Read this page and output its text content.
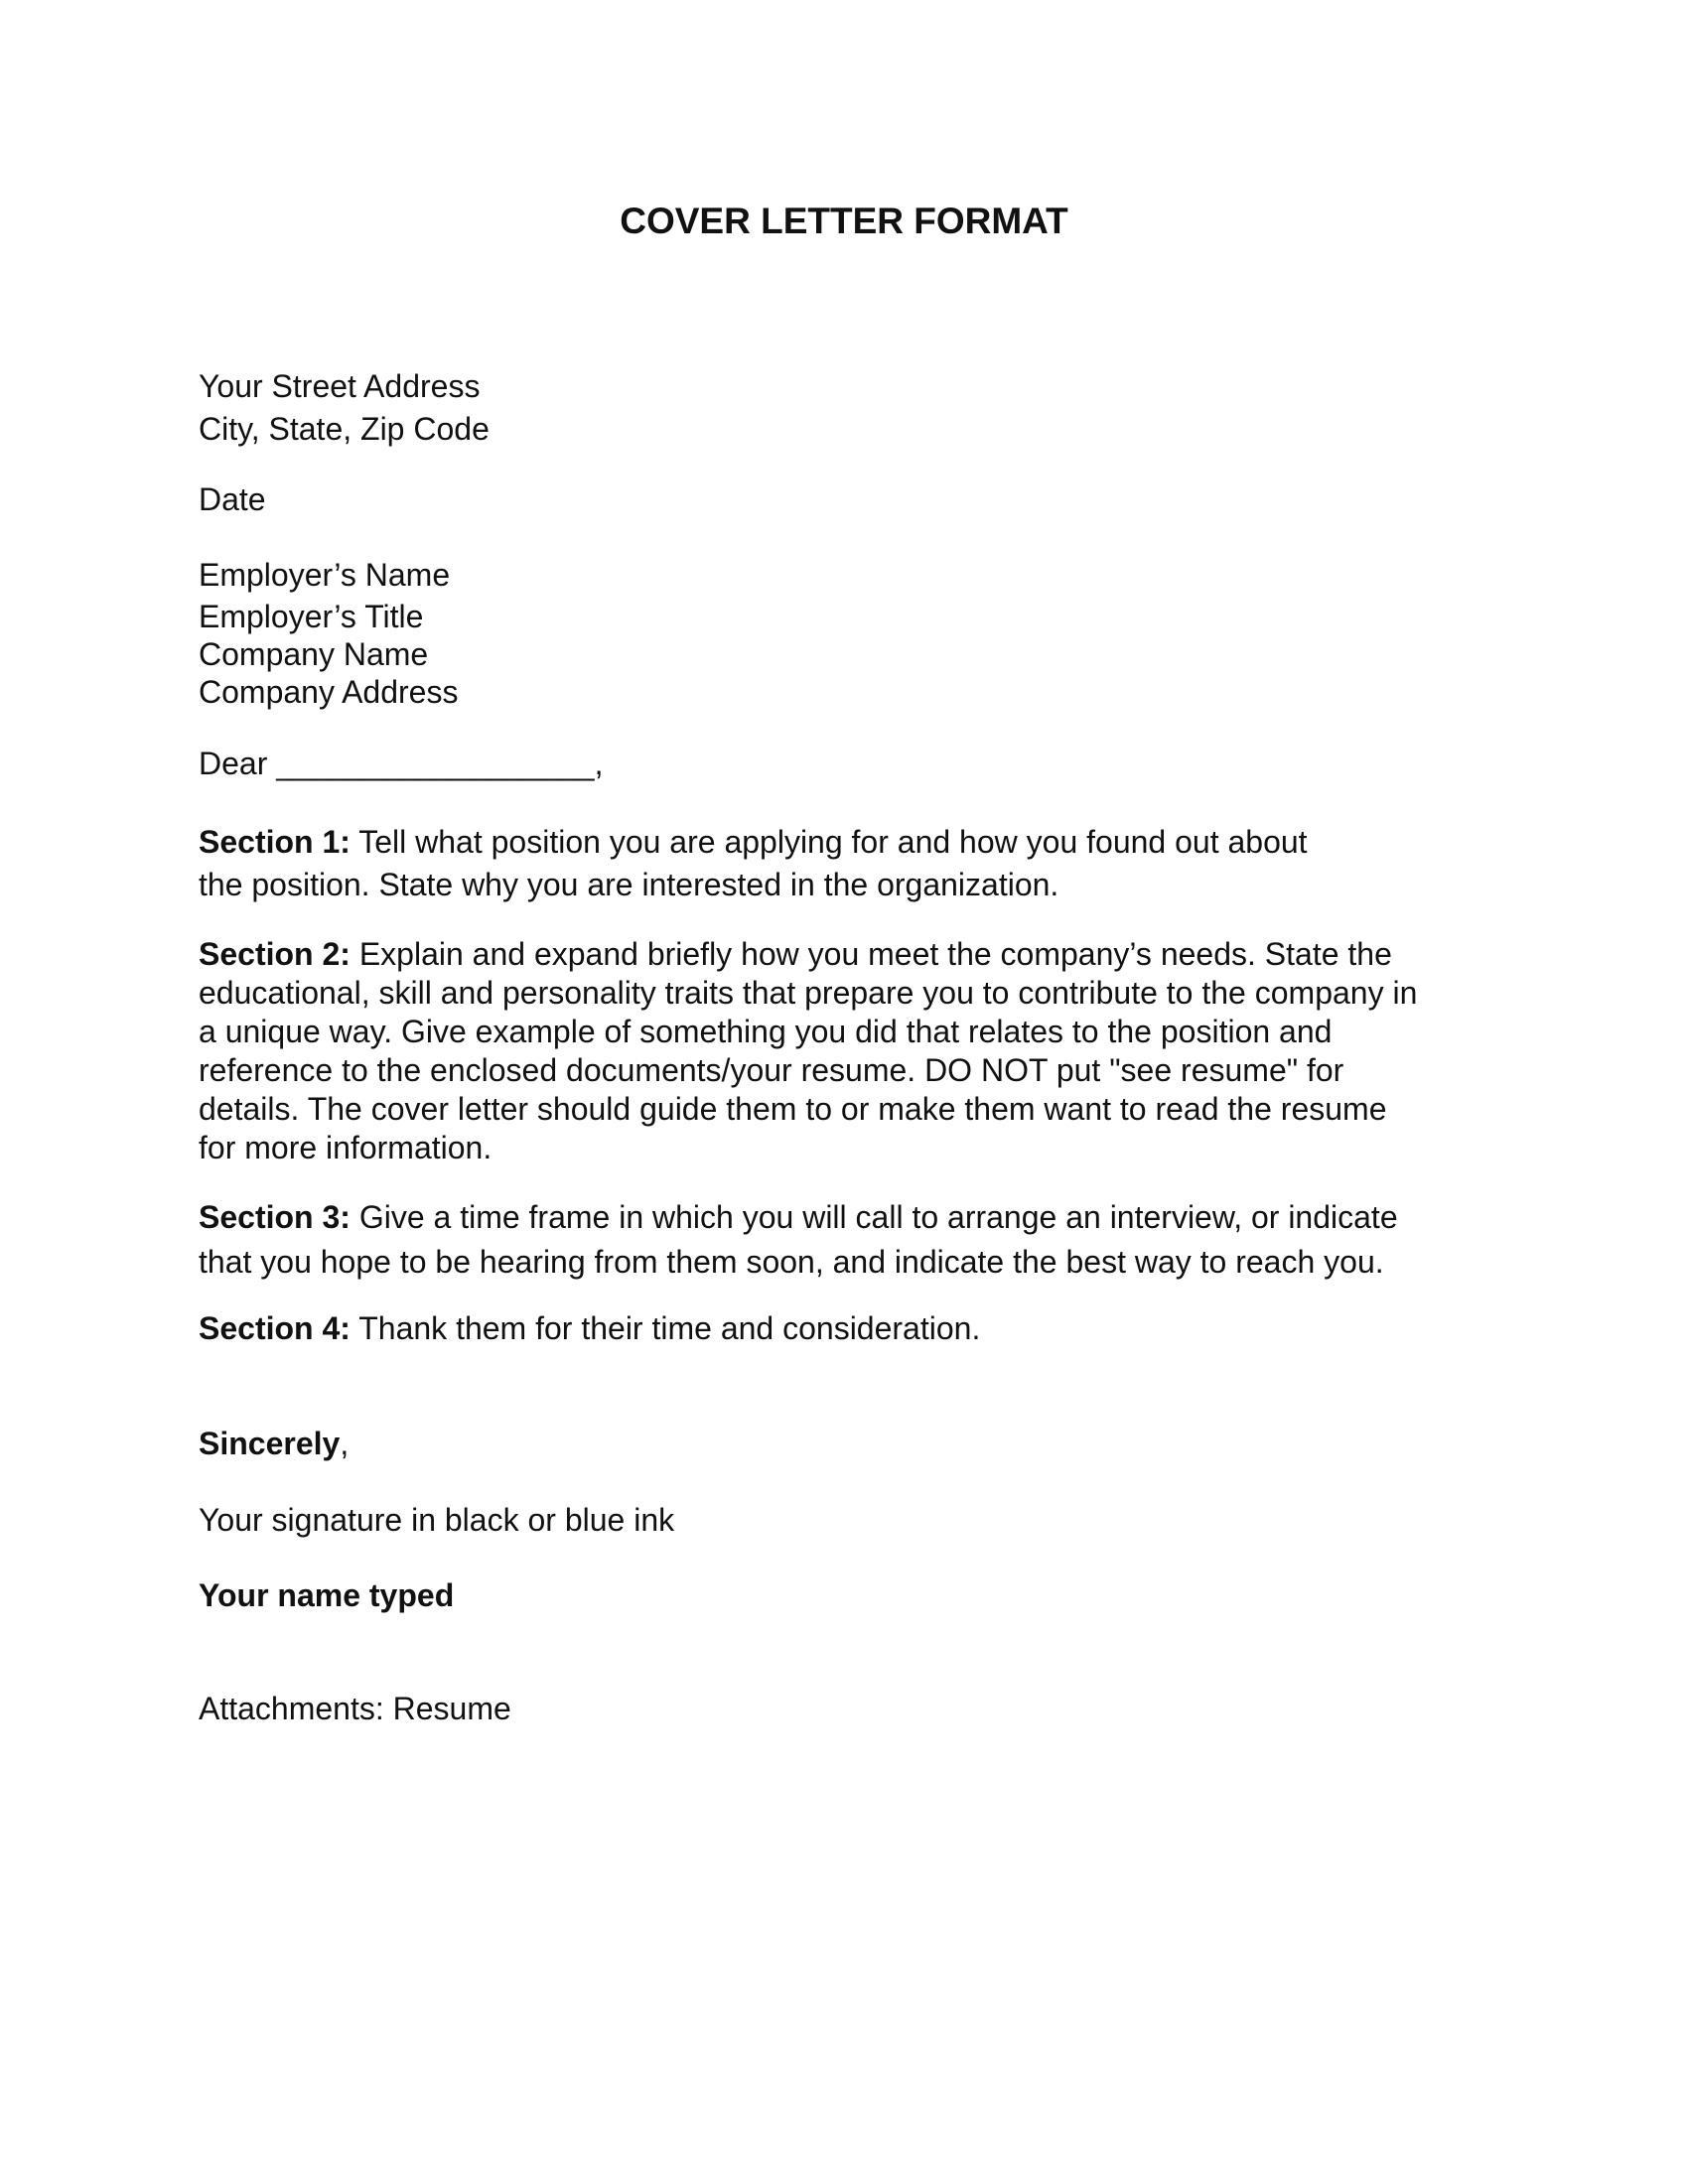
COVER LETTER FORMAT

Your Street Address

City, State, Zip Code

Date

Employer’s Name

Employer’s Title

Company Name

Company Address

Dear __________________,

Section 1: Tell what position you are applying for and how you found out about
the position. State why you are interested in the organization.
Section 2: Explain and expand briefly how you meet the company’s needs. State the
educational, skill and personality traits that prepare you to contribute to the company in
a unique way. Give example of something you did that relates to the position and
reference to the enclosed documents/your resume. DO NOT put "see resume" for
details. The cover letter should guide them to or make them want to read the resume
for more information.
Section 3: Give a time frame in which you will call to arrange an interview, or indicate
that you hope to be hearing from them soon, and indicate the best way to reach you.
Section 4: Thank them for their time and consideration.

Sincerely,

Your signature in black or blue ink

Your name typed

Attachments: Resume
